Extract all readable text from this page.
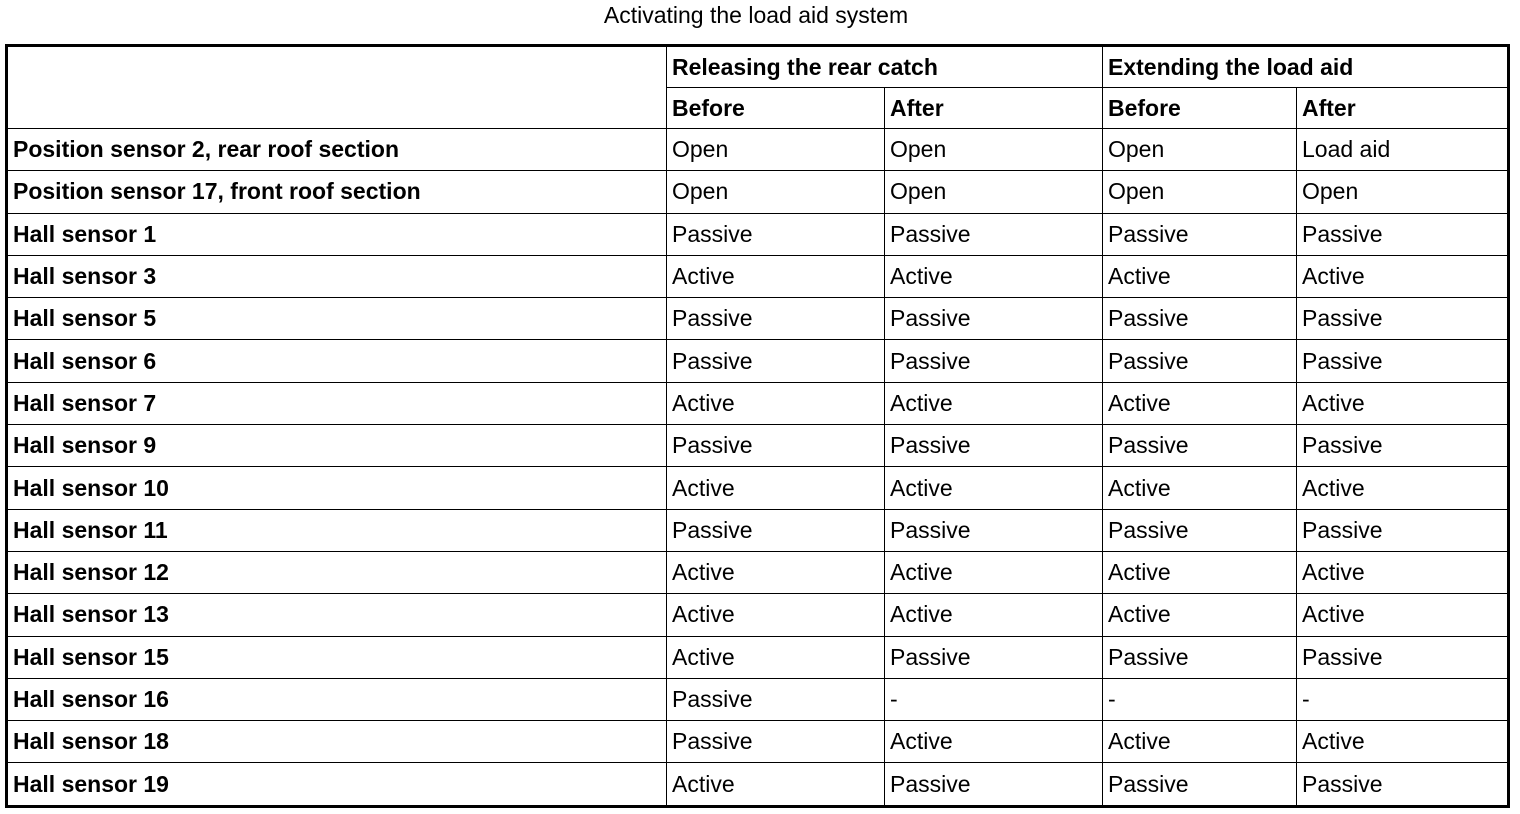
Activating the load aid system
	Releasing the rear catch		Extending the load aid	
	Before	After	Before	After
Position sensor 2, rear roof section	Open	Open	Open	Load aid
Position sensor 17, front roof section	Open	Open	Open	Open
Hall sensor 1	Passive	Passive	Passive	Passive
Hall sensor 3	Active	Active	Active	Active
Hall sensor 5	Passive	Passive	Passive	Passive
Hall sensor 6	Passive	Passive	Passive	Passive
Hall sensor 7	Active	Active	Active	Active
Hall sensor 9	Passive	Passive	Passive	Passive
Hall sensor 10	Active	Active	Active	Active
Hall sensor 11	Passive	Passive	Passive	Passive
Hall sensor 12	Active	Active	Active	Active
Hall sensor 13	Active	Active	Active	Active
Hall sensor 15	Active	Passive	Passive	Passive
Hall sensor 16	Passive	-	-	-
Hall sensor 18	Passive	Active	Active	Active
Hall sensor 19	Active	Passive	Passive	Passive
